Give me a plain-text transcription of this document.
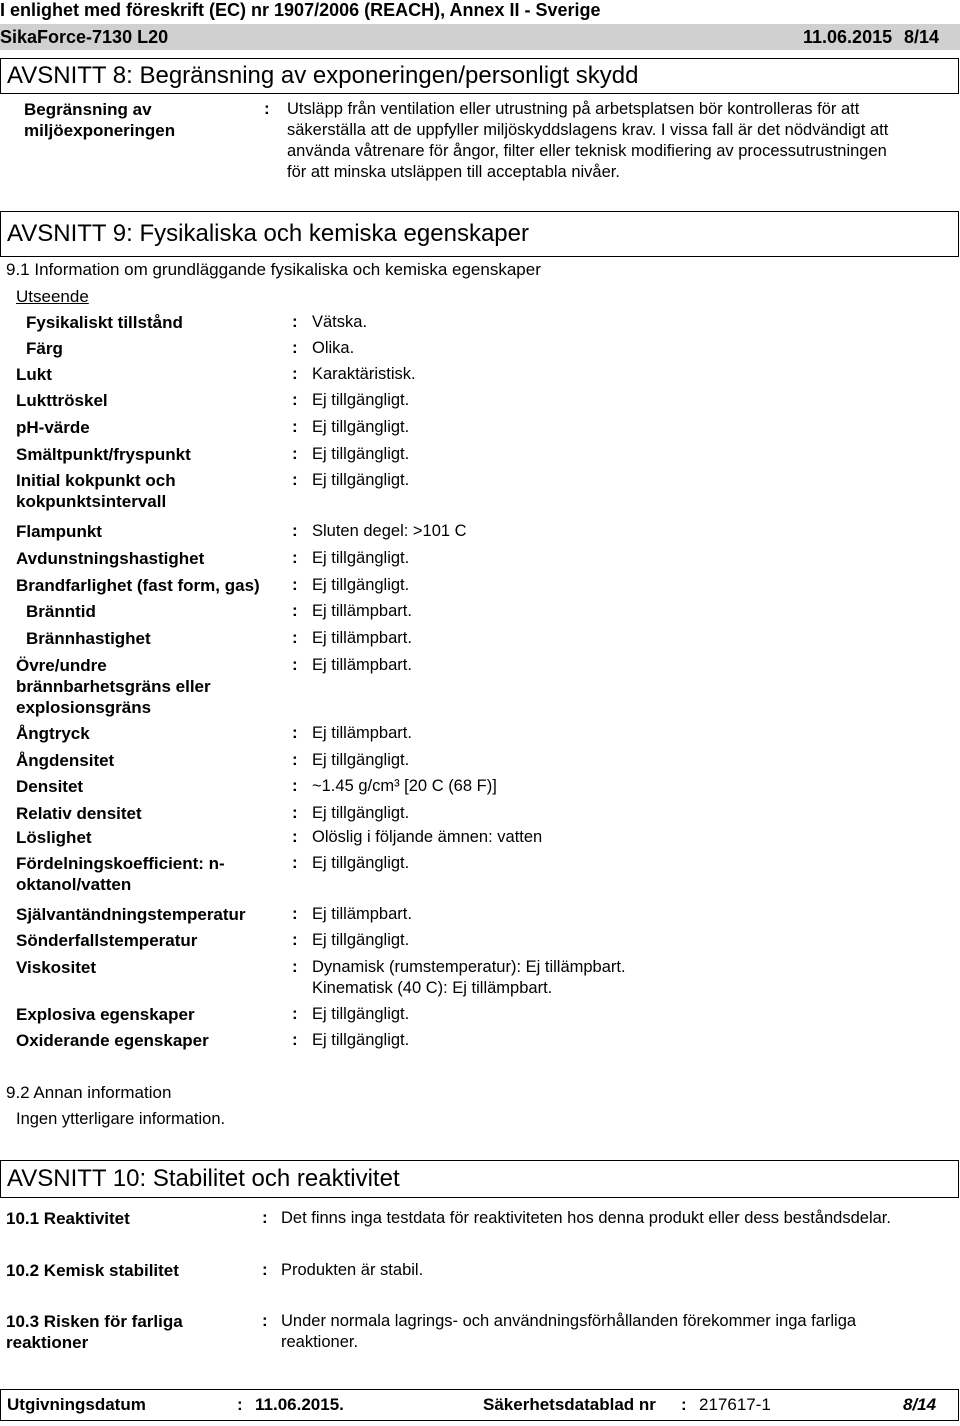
I enlighet med föreskrift (EC) nr 1907/2006 (REACH), Annex II - Sverige
SikaForce-7130 L20	11.06.2015 8/14
AVSNITT 8: Begränsning av exponeringen/personligt skydd
Begränsning av
miljöexponeringen
: Utsläpp från ventilation eller utrustning på arbetsplatsen bör kontrolleras för att
säkerställa att de uppfyller miljöskyddslagens krav. I vissa fall är det nödvändigt att
använda våtrenare för ångor, filter eller teknisk modifiering av processutrustningen
för att minska utsläppen till acceptabla nivåer.
AVSNITT 9: Fysikaliska och kemiska egenskaper
9.1 Information om grundläggande fysikaliska och kemiska egenskaper
Utseende
Fysikaliskt tillstånd	: Vätska.
Färg	: Olika.
Lukt	: Karaktäristisk.
Lukttröskel	: Ej tillgängligt.
pH-värde	: Ej tillgängligt.
Smältpunkt/fryspunkt	: Ej tillgängligt.
Initial kokpunkt och
kokpunktsintervall
: Ej tillgängligt.
Flampunkt	: Sluten degel: >101 C
Avdunstningshastighet	: Ej tillgängligt.
Brandfarlighet (fast form, gas) : Ej tillgängligt.
Bränntid	: Ej tillämpbart.
Brännhastighet	: Ej tillämpbart.
Övre/undre
brännbarhetsgräns eller
explosionsgräns
: Ej tillämpbart.
Ångtryck	: Ej tillämpbart.
Ångdensitet	: Ej tillgängligt.
Densitet	: ~1.45 g/cm³ [20 C (68 F)]
Relativ densitet	: Ej tillgängligt.
Löslighet	: Olöslig i följande ämnen: vatten
Fördelningskoefficient: n-
oktanol/vatten
: Ej tillgängligt.
Självantändningstemperatur	: Ej tillämpbart.
Sönderfallstemperatur	: Ej tillgängligt.
Viskositet	: Dynamisk (rumstemperatur): Ej tillämpbart.
Kinematisk (40 C): Ej tillämpbart.
Explosiva egenskaper	: Ej tillgängligt.
Oxiderande egenskaper	: Ej tillgängligt.
9.2 Annan information
Ingen ytterligare information.
AVSNITT 10: Stabilitet och reaktivitet
10.1 Reaktivitet	: Det finns inga testdata för reaktiviteten hos denna produkt eller dess beståndsdelar.
10.2 Kemisk stabilitet	: Produkten är stabil.
10.3 Risken för farliga
reaktioner
: Under normala lagrings- och användningsförhållanden förekommer inga farliga
reaktioner.
Utgivningsdatum	: 11.06.2015.	Säkerhetsdatablad nr : 217617-1	8/14
